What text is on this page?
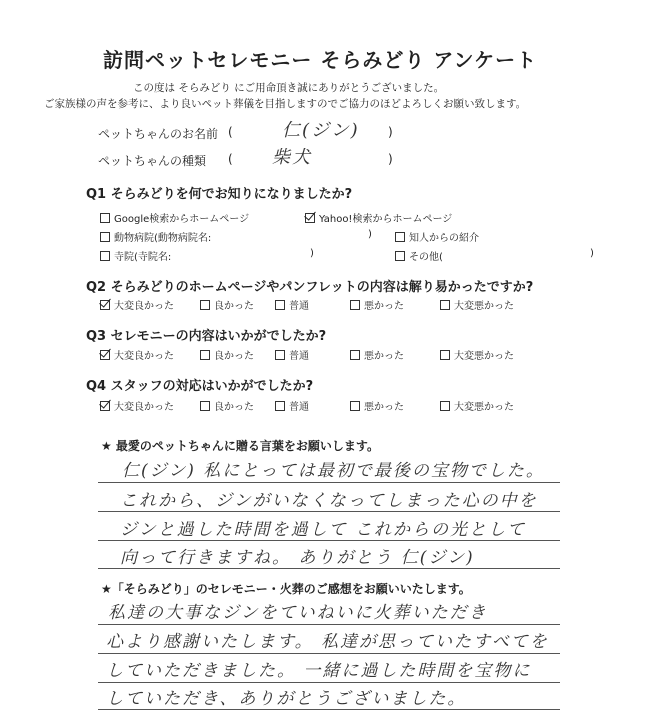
訪問ペットセレモニー そらみどり アンケート
この度は そらみどり にご用命頂き誠にありがとうございました。
ご家族様の声を参考に、より良いペット葬儀を目指しますのでご協力のほどよろしくお願い致します。
ペットちゃんのお名前 (	仁(ジン) )
ペットちゃんの種類 ( 柴犬	)
Q1 そらみどりを何でお知りになりましたか?
Google検索からホームページ	Yahoo!検索からホームページ
動物病院(動物病院名:	)	知人からの紹介
寺院(寺院名:	)	その他(	)
Q2 そらみどりのホームページやパンフレットの内容は解り易かったですか?
大変良かった	良かった	普通	悪かった	大変悪かった
Q3 セレモニーの内容はいかがでしたか?
大変良かった	良かった	普通	悪かった	大変悪かった
Q4 スタッフの対応はいかがでしたか?
大変良かった	良かった	普通	悪かった	大変悪かった
★ 最愛のペットちゃんに贈る言葉をお願いします。
仁(ジン) 私にとっては最初で最後の宝物でした。
これから、ジンがいなくなってしまった心の中を
ジンと過した時間を過して これからの光として
向って行きますね。 ありがとう 仁(ジン)
★「そらみどり」のセレモニー・火葬のご感想をお願いいたします。
私達の大事なジンをていねいに火葬いただき
心より感謝いたします。 私達が思っていたすべてを
していただきました。 一緒に過した時間を宝物に
していただき、ありがとうございました。
